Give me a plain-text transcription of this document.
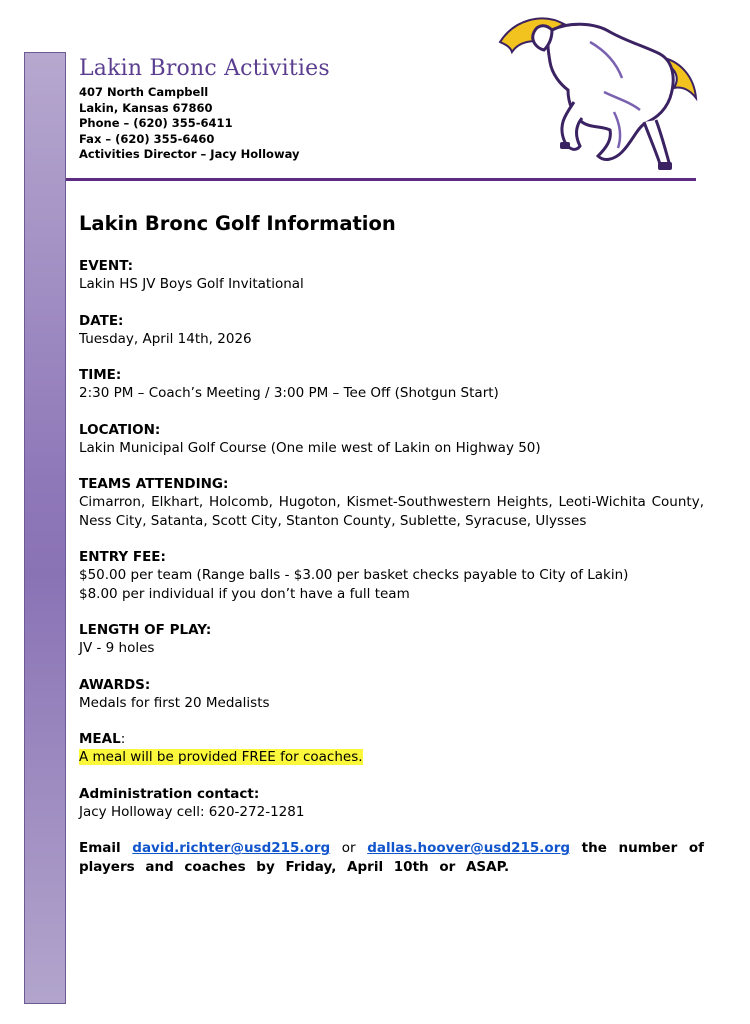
Lakin Bronc Activities
407 North Campbell
Lakin, Kansas 67860
Phone – (620) 355-6411
Fax – (620) 355-6460
Activities Director – Jacy Holloway
Lakin Bronc Golf Information
EVENT:
Lakin HS JV Boys Golf Invitational
DATE:
Tuesday, April 14th, 2026
TIME:
2:30 PM – Coach’s Meeting / 3:00 PM – Tee Off (Shotgun Start)
LOCATION:
Lakin Municipal Golf Course (One mile west of Lakin on Highway 50)
TEAMS ATTENDING:
Cimarron, Elkhart, Holcomb, Hugoton, Kismet-Southwestern Heights, Leoti-Wichita County, Ness City, Satanta, Scott City, Stanton County, Sublette, Syracuse, Ulysses
ENTRY FEE:
$50.00 per team (Range balls - $3.00 per basket checks payable to City of Lakin)
$8.00 per individual if you don’t have a full team
LENGTH OF PLAY:
JV - 9 holes
AWARDS:
Medals for first 20 Medalists
MEAL:
A meal will be provided FREE for coaches.
Administration contact:
Jacy Holloway cell: 620-272-1281
Email david.richter@usd215.org or dallas.hoover@usd215.org the number of players and coaches by Friday, April 10th or ASAP.
